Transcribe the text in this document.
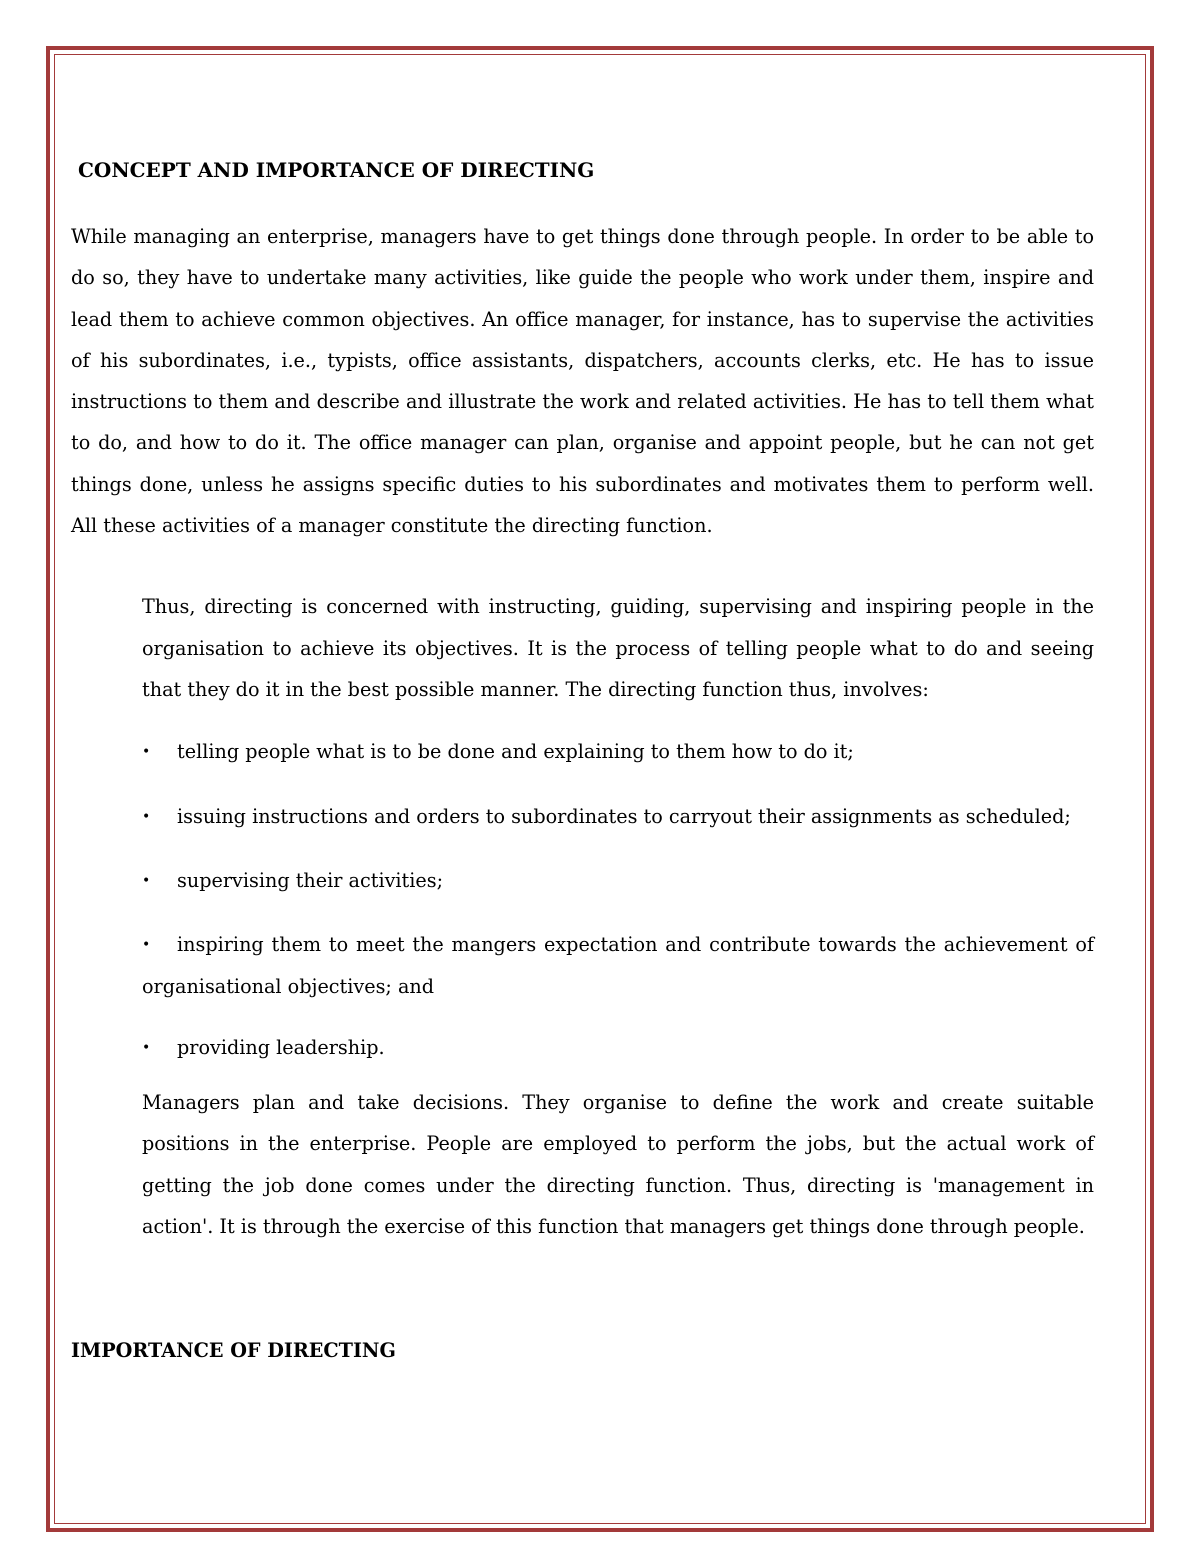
CONCEPT AND IMPORTANCE OF DIRECTING

While managing an enterprise, managers have to get things done through people. In order to be able to do so, they have to undertake many activities, like guide the people who work under them, inspire and lead them to achieve common objectives. An office manager, for instance, has to supervise the activities of his subordinates, i.e., typists, office assistants, dispatchers, accounts clerks, etc. He has to issue instructions to them and describe and illustrate the work and related activities. He has to tell them what to do, and how to do it. The office manager can plan, organise and appoint people, but he can not get things done, unless he assigns specific duties to his subordinates and motivates them to perform well. All these activities of a manager constitute the directing function.

Thus, directing is concerned with instructing, guiding, supervising and inspiring people in the organisation to achieve its objectives. It is the process of telling people what to do and seeing that they do it in the best possible manner. The directing function thus, involves:

• telling people what is to be done and explaining to them how to do it;

• issuing instructions and orders to subordinates to carryout their assignments as scheduled;

• supervising their activities;

• inspiring them to meet the mangers expectation and contribute towards the achievement of organisational objectives; and

• providing leadership.

Managers plan and take decisions. They organise to define the work and create suitable positions in the enterprise. People are employed to perform the jobs, but the actual work of getting the job done comes under the directing function. Thus, directing is 'management in action'. It is through the exercise of this function that managers get things done through people.

IMPORTANCE OF DIRECTING
